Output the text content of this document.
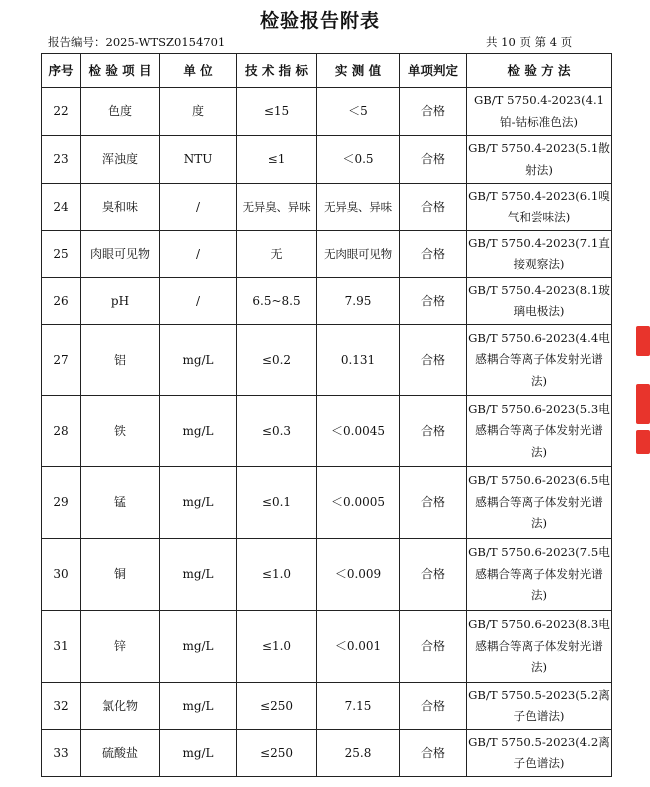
检验报告附表
报告编号：2025-WTSZ0154701	共 10 页 第 4 页
序号	检 验 项 目	单 位	技 术 指 标	实 测 值	单项判定	检 验 方 法
22	色度	度	≤15	＜5	合格	GB/T 5750.4-2023(4.1铂-钴标准色法)
23	浑浊度	NTU	≤1	＜0.5	合格	GB/T 5750.4-2023(5.1散射法)
24	臭和味	/	无异臭、异味	无异臭、异味	合格	GB/T 5750.4-2023(6.1嗅气和尝味法)
25	肉眼可见物	/	无	无肉眼可见物	合格	GB/T 5750.4-2023(7.1直接观察法)
26	pH	/	6.5~8.5	7.95	合格	GB/T 5750.4-2023(8.1玻璃电极法)
27	铝	mg/L	≤0.2	0.131	合格	GB/T 5750.6-2023(4.4电感耦合等离子体发射光谱法)
28	铁	mg/L	≤0.3	＜0.0045	合格	GB/T 5750.6-2023(5.3电感耦合等离子体发射光谱法)
29	锰	mg/L	≤0.1	＜0.0005	合格	GB/T 5750.6-2023(6.5电感耦合等离子体发射光谱法)
30	铜	mg/L	≤1.0	＜0.009	合格	GB/T 5750.6-2023(7.5电感耦合等离子体发射光谱法)
31	锌	mg/L	≤1.0	＜0.001	合格	GB/T 5750.6-2023(8.3电感耦合等离子体发射光谱法)
32	氯化物	mg/L	≤250	7.15	合格	GB/T 5750.5-2023(5.2离子色谱法)
33	硫酸盐	mg/L	≤250	25.8	合格	GB/T 5750.5-2023(4.2离子色谱法)
